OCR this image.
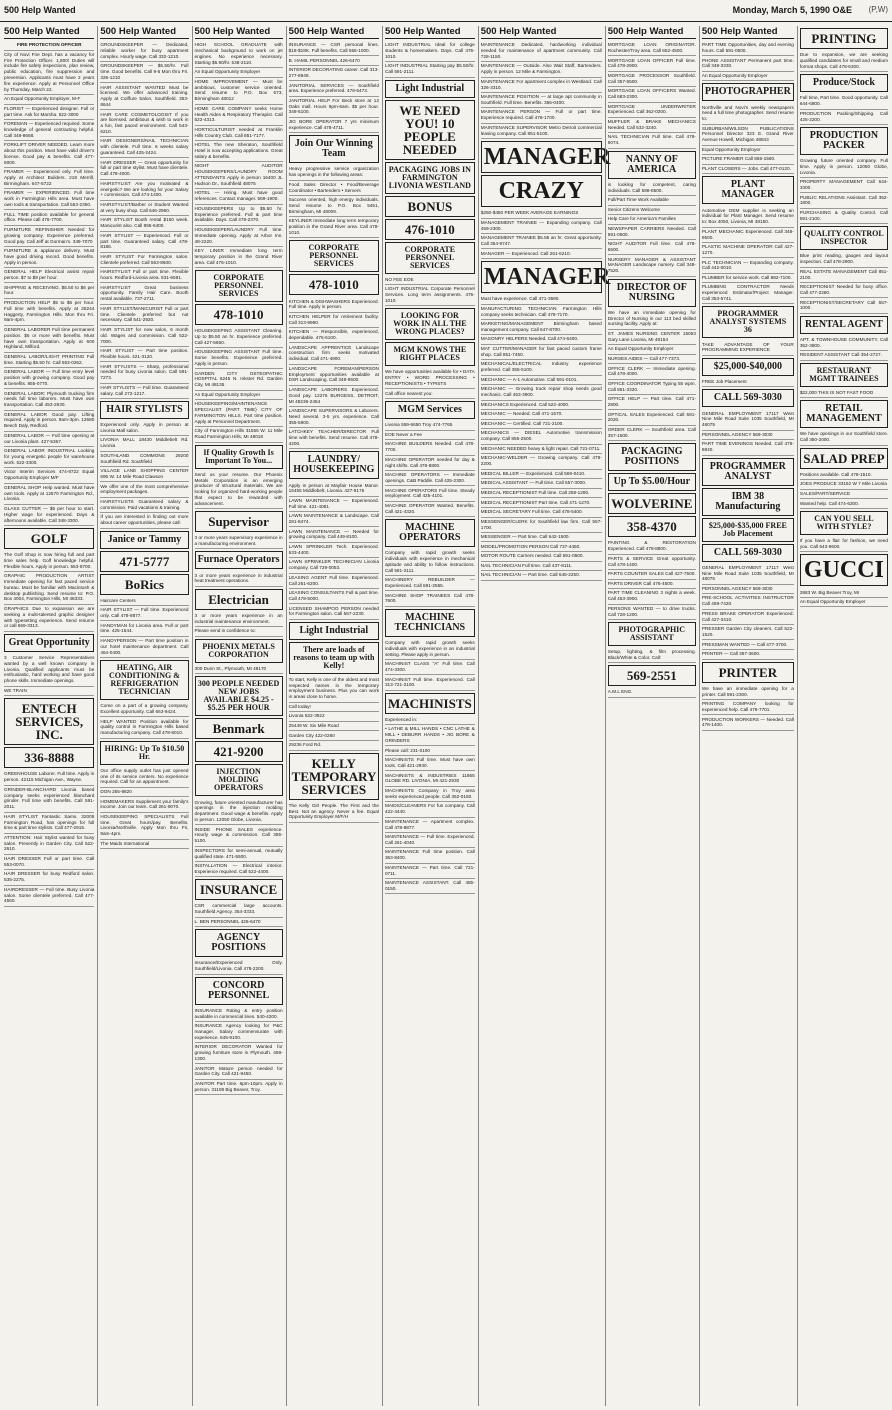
500 Help Wanted	Monday, March 5, 1990 O&E (P,W)
500 Help Wanted
FIRE PROTECTION OFFICER
City of Novi Fire Dept. has a vacancy for Fire Protection Officer. 1,800/ Duties will include fire safety inspections, plan review, public education, fire suppression and prevention. Applicants must have 2 years fire experience. Apply at Personnel Office by Thursday, March 22.
An Equal Opportunity Employer, M-F
FLORIST — Experienced designer. Full or part time. Ask for Marsha. 522-3000
FOREMAN — Experienced required. Some knowledge of general contracting helpful. Call 348-8668.
FORKLIFT DRIVER NEEDED. Learn more about this position. Must have valid driver's license. Good pay & benefits. Call 477-6000.
FRAMER — Experienced only. Full time. Apply at Architect Builders. 218 Merrill, Birmingham. 647-5722
FRAMER — EXPERIENCED. Full time work in Farmington Hills area. Must have own tools & transportation. Call 553-2350.
FULL TIME position available for general office. Please call 476-7700.
FURNITURE REFINISHER Needed for growing company. Experience preferred. Good pay. Call Jeff at Gorman's. 349-7070
FURNITURE & appliance delivery. Must have good driving record. Good benefits. Apply in person.
GENERAL HELP Electrical assist repair person. $7 to $9 per hour.
SHIPPING & RECEIVING. $5.50 to $6 per hour.
PRODUCTION HELP $5 to $6 per hour. Full time with benefits. Apply at 26244 Haggerty, Farmington Hills. Mon thru Fri. 9am-4pm.
GENERAL LABORER Full time permanent position. $6 or more with benefits. Must have own transportation. Apply at 600 Highland, Milford.
GENERAL LABOR/LIGHT PRINTING Full time. Starting $5.50 hr. Call 553-0262.
GENERAL LABOR — Full time entry level position with growing company. Good pay & benefits. 855-0770.
GENERAL LABOR: Plymouth trucking firm needs full time laborers. Must have own transportation. Call 453-2630.
GENERAL LABOR Good pay. Lifting required. Apply in person. 9am-3pm. 12680 Beech Daly, Redford.
GENERAL LABOR — Full time opening at our Livonia plant. 427-5367.
GENERAL LABOR INDUSTRIAL Looking for young energetic people for warehouse work. 522-3300.
Victor Interim Services 474-8722 Equal Opportunity Employer M/F
GENERAL SHOP Help wanted. Must have own tools. Apply at 12570 Farmington Rd., Livonia.
GLASS CUTTER — $5 per hour to start. Higher wage for experienced. Days & afternoons available. Call 348-3300.
GOLF
The Golf Shop is now hiring full and part time sales help. Golf knowledge helpful. Flexible hours. Apply in person. 553-8700.
GRAPHIC PRODUCTION ARTIST Immediate opening for fast paced service bureau. Must be familiar with Macintosh & desktop publishing. Send resume to: P.O. Box 4004, Farmington Hills, MI 48333.
GRAPHICS Due to expansion we are seeking a multi-talented graphic designer with typesetting experience. Send resume or call 669-3313.
Great Opportunity
3 Customer Service Representatives wanted by a well known company in Livonia. Qualified applicants must be enthusiastic, hard working and have good phone skills. Immediate openings.
WE TRAIN
ENTECH SERVICES, INC.
336-8888
GREENHOUSE Laborer. Full time. Apply in person. 42115 Michigan Ave., Wayne.
GRINDER-BLANCHARD Livonia based company seeks experienced blanchard grinder. Full time with benefits. Call 591-2011.
HAIR STYLIST Fantastic Sams. 32005 Farmington Road, has openings for full time & part time stylists. Call 477-2915.
ATTENTION: Hair Stylist wanted for busy salon. Presently in Garden City. Call 522-2610.
HAIR DRESSER Full or part time. Call 553-0070.
HAIR DRESSER for busy Redford salon. 535-2275.
HAIRDRESSER — Full time. Busy Livonia salon. Some clientele preferred. Call 477-4560.
500 Help Wanted
GROUNDSKEEPER — Dedicated, reliable worker for busy apartment complex. Hourly wage. Call 332-1210.
GROUNDSKEEPER — $5.50/hr. Full time. Good benefits. Call 9-5 Mon thru Fri. 326-1210
HAIR ASSISTANT WANTED Must be licensed. We offer advanced training. Apply at Coiffure Salon, Southfield. 353-8644
HAIR CARE COSMETOLOGIST If you are licensed, ambitious & wish to work in a fun, fast paced environment. Call 543-6210.
HAIR DESIGNERS/NAIL TECHNICIAN with clientele. Full time. 6 weeks salary guaranteed. Call 425-2424.
HAIR DRESSER — Great opportunity for full or part time stylist. Must have clientele. Call 478-4000.
HAIRSTYLIST Are you motivated & energetic? We are looking for you! Salary + commission. Call 474-1400.
HAIRSTYLIST/Barber or Student Wanted at very busy shop. Call 646-2960.
HAIR STYLIST Booth rental $150 week. Manicurist also. Call 855-6400.
HAIR STYLIST — Experienced. Full or part time. Guaranteed salary. Call 478-8185.
HAIR STYLIST For Farmington salon. Clientele preferred. Call 553-8600.
HAIRSTYLIST Full or part time. Flexible hours. Redford-Livonia area. 531-6591.
HAIRSTYLIST Great business opportunity. Family Hair Care. Booth rental available. 737-2711.
HAIR STYLIST/MANICURIST Full or part time. Clientele preferred but not necessary. Call 541-2920.
HAIR STYLIST for new salon, 6 month old. Wages and commission. Call 522-7000.
HAIR STYLIST — Part time position. Flexible hours. 421-3120.
HAIR STYLISTS — Sharp, professional needed for busy Livonia salon. Call 591-7273.
HAIR STYLISTS — Full time. Guaranteed salary. Call 272-1217.
HAIR STYLISTS
Experienced only. Apply in person at Livonia Mall salon.
LIVONIA MALL 18430 Middlebelt Rd. Livonia
SOUTHLAND COMMONS 29200 Southfield Rd. Southfield
VILLAGE LANE SHOPPING CENTER 695 W. 14 Mile Road Clawson
We offer one of the most comprehensive employment packages.
HAIRSTYLISTS Guaranteed salary & commission. Paid vacations & training.
If you are interested in finding out more about career opportunities, please call:
Janice or Tammy
471-5777
BoRics
Haircare Centers
HAIR STYLIST — Full time. Experienced only. Call 478-8877.
HANDYMAN for Livonia area. Full or part time. 425-1644.
HANDYPERSON — Part time position in our hotel maintenance department. Call 464-0400.
HEATING, AIR CONDITIONING & REFRIGERATION TECHNICIAN
Come on a part of a growing company. Excellent opportunity. Call 663-9424.
HELP WANTED Position available for quality control in Farmington Hills based manufacturing company. Call 478-8010.
HIRING: Up To $10.50 Hr.
Our office supply outlet has just opened one of its service centers. No experience required. Call for an appointment.
DON 255-9820
HOMEMAKERS Supplement your family's income. Join our team. Call 261-9070.
HOUSEKEEPING SPECIALISTS Full time. Great hours/pay. Benefits. Livonia/Northville. Apply Mon thru Fri, 9am-4pm.
The Maids International
500 Help Wanted
HIGH SCHOOL GRADUATE with mechanical background to work on jet engines. No experience necessary. Starting $5.90/hr. 538-2110.
An Equal Opportunity Employer
HOME IMPROVEMENT — Must be ambitious, customer service oriented. Send resume to P.O. Box 673, Birmingham 48012
HOME CARE COMPANY seeks Home Health Aides & Respiratory Therapist. Call 522-4313.
HORTICULTURIST needed at Franklin Hills Country Club. Call 851-7177.
HOTEL The new Sheraton, Southfield Hotel is now accepting applications. Great salary & benefits.
NIGHT AUDITOR HOUSEKEEPERS/LAUNDRY ROOM ATTENDANTS Apply in person 16400 JL Hudson Dr., Southfield 48075
HOTEL — Hiring. Must have good references. Contact manager. 569-1900.
HOUSEKEEPERS Up to $5.50 hr. Experience preferred. Full & part time available. Days. Call 478-2370.
HOUSEKEEPER/LAUNDRY Full time. Immediate opening. Apply at Arbor Inn. 48-2220.
KEY LINER Immediate long term temporary position in the Grand River area. Call 476-1010.
CORPORATE PERSONNEL SERVICES
478-1010
HOUSEKEEPING ASSISTANT Cleaning. Up to $5.50 an hr. Experience preferred. Call 427-5650.
HOUSEKEEPING ASSISTANT Full time. Some benefits. Experience preferred. Apply in person.
GARDEN CITY OSTEOPATHIC HOSPITAL 6245 N. Inkster Rd. Garden City, MI 48135
An Equal Opportunity Employer
HOUSEKEEPING/MAINTENANCE SPECIALIST (PART TIME) CITY OF FARMINGTON HILLS. Part time position. Apply at Personnel Department.
City of Farmington Hills 31555 W. 11 Mile Road Farmington Hills, MI 48018
If Quality Growth Is Important To You...
Send us your resume. Our Phoenix Metals Corporation is an emerging producer of structural materials. We are looking for organized hard-working people that expect to be rewarded with advancement.
Supervisor
3 or more years supervisory experience in a manufacturing environment.
Furnace Operators
3 or more years experience in industrial heat treatment operations.
Electrician
3 or more years experience in an industrial maintenance environment.
Please send in confidence to:
PHOENIX METALS CORPORATION
300 Dunn St., Plymouth, MI 48170
300 PEOPLE NEEDED NEW JOBS AVAILABLE $4.25 - $5.25 PER HOUR
Benmark
421-9200
INJECTION MOLDING OPERATORS
Growing, future oriented manufacturer has openings in the injection molding department. Good wage & benefits. Apply in person. 12050 Globe, Livonia.
INSIDE PHONE SALES experience. Hourly wage & commission. Call 355-5100.
INSPECTORS for semi-annual, mutually qualified state. 471-5500.
INSTALLATION — Electrical interior. Experience required. Call 522-4400.
INSURANCE
CSR commercial large accounts. Southfield Agency. 354-3333.
L. BEN PERSONNEL 426-6470
AGENCY POSITIONS
Insurance/Experienced Only. Southfield/Livonia. Call 478-2200.
CONCORD PERSONNEL
INSURANCE Rating & entry position available in commercial lines. 540-4200.
INSURANCE Agency looking for P&C manager. Salary commensurate with experience. 645-9100.
INTERIOR DECORATOR Wanted for growing furniture store in Plymouth. 459-1300.
JANITOR Mature person needed for Garden City. Call 421-9450.
JANITOR Part time. 6pm-10pm. Apply in person. 31108 Big Beaver, Troy.
500 Help Wanted
INSURANCE — CSR personal lines. $18-$18K. Full benefits. Call 555-1000.
B. HAMIL PERSONNEL 426-6470
INTERIOR DECORATING career. Call 313-277-8949.
JANITORIAL SERVICES — Southfield area. Experience preferred. 478-5473.
JANITORIAL HELP For Beck store at 12 Oaks mall. Hours 9pm-6am. $5 per hour. 348-5100.
JIG BORE OPERATOR 7 yrs minimum experience. Call 478-4711.
Join Our Winning Team
Heavy progressive service organization has openings in the following areas:
Food Sales Director • Food/Beverage Coordinator • Bartenders • Servers
Success oriented, high energy individuals. Send resume to P.O. Box 5451, Birmingham, MI 48009.
KEYLINER Immediate long term temporary position in the Grand River area. Call 478-1010.
CORPORATE PERSONNEL SERVICES
478-1010
KITCHEN & DISHWASHERS Experienced. Full time. Apply in person.
KITCHEN HELPER for retirement facility. Call 313-9990.
KITCHEN — Responsible, experienced, dependable. 476-6100.
LANDSCAPE APPRENTICE Landscape construction firm seeks motivated individual. Call 471-4900.
LANDSCAPE FOREMAN/PERSON Employment opportunities available at DSR Landscaping. Call 349-9500.
LANDSCAPE LABORERS Experienced. Good pay. 12276 BURGESS, DETROIT, MI 48236-2454
LANDSCAPE SUPERVISORS & Laborers. Need several. 3-5 yrs. experience. Call 355-5900.
LATCHKEY TEACHER/DIRECTOR Full time with benefits. Send resume. Call 478-4200.
LAUNDRY/ HOUSEKEEPING
Apply in person at Mayfair House Manor. 16455 Middlebelt, Livonia. 427-9175
LAWN MAINTENANCE — Experienced. Full time. 421-4081.
LAWN MAINTENANCE & Landscape. Call 281-8474.
LAWN MAINTENANCE — Needed for growing company. Call 449-8100.
LAWN SPRINKLER Tech. Experienced. 533-4400.
LAWN SPRINKLER TECHNICIAN Livonia company. Call 729-0053.
LEASING AGENT Full time. Experienced. Call 261-6200.
LEASING CONSULTANTS Full & part time. Call 478-5000.
LICENSED SHAMPOO PERSON needed for Farmington salon. Call 557-2230.
Light Industrial
There are loads of reasons to team up with Kelly!
To start, Kelly is one of the oldest and most respected names in the temporary employment business. Plus you can work in areas close to home.
Call today!
Livonia 522-3922
25449 W. Six Mile Road
Garden City 422-0260
29236 Ford Rd.
KELLY TEMPORARY SERVICES
The Kelly Girl People. The First and the Best. Not an agency. Never a fee. Equal Opportunity Employer M/F/H
500 Help Wanted
LIGHT INDUSTRIAL Ideal for college students & homemakers. Days. Call 476-1010.
LIGHT INDUSTRIAL Starting pay $5.50/hr. Call 591-2111.
Light Industrial
WE NEED YOU! 10 PEOPLE NEEDED
PACKAGING JOBS IN FARMINGTON LIVONIA WESTLAND
BONUS
476-1010
CORPORATE PERSONNEL SERVICES
NO FEE EOE
LIGHT INDUSTRIAL Corporate Personnel Services. Long term assignments. 476-1010.
LOOKING FOR WORK IN ALL THE WRONG PLACES?
MGM KNOWS THE RIGHT PLACES
We have opportunities available for • DATA ENTRY • WORD PROCESSING • RECEPTIONISTS • TYPISTS
Call office nearest you:
MGM Services
Livonia 559-6650 Troy 474-7765
EOE Never a Fee
MACHINE BUILDERS Needed. Call 478-7700.
MACHINE OPERATOR needed for day & night shifts. Call 478-8800.
MACHINE OPERATORS — Immediate openings. C&B Paddle. Call 425-2300.
MACHINE OPERATORS Full time. Steady employment. Call 425-4101.
MACHINE OPERATOR Wanted. Benefits. Call 421-4320.
MACHINE OPERATORS
Company with rapid growth seeks individuals with experience in mechanical aptitude and ability to follow instructions. Call 591-2111.
MACHINERY REBUILDER — Experienced. Call 591-2555.
MACHINE SHOP TRAINEES Call 478-7600.
MACHINE TECHNICIANS
Company with rapid growth seeks individuals with experience in an industrial setting. Please apply in person.
MACHINIST CLASS "A" Full time. Call 474-3300.
MACHINIST Full time. Experienced. Call 313-721-2100.
MACHINISTS
Experienced in:
• LATHE & MILL HANDS • CNC LATHE & MILL • DEBURR HANDS • JIG BORE & GRINDERS
Please call: 231-0100
MACHINISTS Full time. Must have own tools. Call 421-2930.
MACHINISTS & INDUSTRIES 11865 GLOBE RD. LIVONIA, MI 421-2930
MACHINISTS Company in Troy area seeks experienced people. Call 362-0150.
MAIDS/CLEANERS For fun company. Call 422-4440.
MAINTENANCE — Apartment complex. Call 478-8877.
MAINTENANCE — Full time. Experienced. Call 261-4040.
MAINTENANCE Full time position. Call 363-8400.
MAINTENANCE — Part time. Call 721-0711.
MAINTENANCE ASSISTANT. Call 455-0150.
500 Help Wanted
MAINTENANCE Dedicated, hardworking individual needed for maintenance of apartment community. Call 728-1150.
MAINTENANCE — Outside. Also Wait Staff, Bartenders. Apply in person. 12 Mile & Farmington.
MAINTENANCE For apartment complex in Westland. Call 326-3310.
MAINTENANCE POSITION — at large apt community in Southfield. Full time. Benefits. 356-0400.
MAINTENANCE PERSON — Full or part time. Experience required. Call 478-1700.
MAINTENANCE SUPERVISOR Metro Detroit commercial leasing company. Call 851-5100.
MANAGER
CRAZY
$250-$450 PER WEEK AVERAGE EARNINGS
MANAGEMENT TRAINEE — Expanding company. Call 459-2300.
MANAGEMENT TRAINEE $5.55 an hr. Great opportunity. Call 354-9747.
MANAGER — Experienced. Call 261-6210.
MANAGER
Must have experience. Call 471-3590.
MANUFACTURING TECHNICIAN Farmington Hills company seeks technician. Call 478-7170.
MARKETING/MANAGEMENT Birmingham based management company. Call 647-8700.
MASONRY HELPERS Needed. Call 474-6400.
MAT CUTTER/MANAGER for fast paced custom frame shop. Call 851-7450.
MECHANICAL/ELECTRICAL Industry experience preferred. Call 355-5100.
MECHANIC — A-1 Automotive. Call 591-0101.
MECHANIC — Growing truck repair shop needs good mechanic. Call 453-3900.
MECHANICS Experienced. Call 522-4000.
MECHANIC — Needed. Call 471-1570.
MECHANIC — Certified. Call 721-2100.
MECHANICS — DIESEL Automotive transmission company. Call 855-2500.
MECHANIC NEEDED heavy & light repair. Call 721-0711.
MECHANIC-WELDER — Growing company. Call 478-2200.
MEDICAL BILLER — Experienced. Call 569-0410.
MEDICAL ASSISTANT — Full time. Call 557-3000.
MEDICAL RECEPTIONIST Full time. Call 258-1280.
MEDICAL RECEPTIONIST Part time. Call 471-1270.
MEDICAL SECRETARY Full time. Call 478-5400.
MESSENGER/CLERK for Southfield law firm. Call 557-1700.
MESSENGER — Part time. Call 642-1500.
MODEL/PROMOTION PERSON Call 737-4450.
MOTOR ROUTE Carriers needed. Call 591-0500.
NAIL TECHNICIAN Full time. Call 437-8111.
NAIL TECHNICIAN — Part time. Call 645-2250.
500 Help Wanted
MORTGAGE LOAN ORIGINATOR. Rochester/Troy area. Call 652-4500.
MORTGAGE LOAN OFFICER Full time. Call 478-2900.
MORTGAGE PROCESSOR Southfield. Call 357-5500.
MORTGAGE LOAN OFFICERS Wanted. Call 683-2300.
MORTGAGE UNDERWRITER Experienced. Call 362-0200.
MUFFLER & BRAKE MECHANICS Needed. Call 532-3240.
NAIL TECHNICIAN Full time. Call 478-9074.
NANNY OF AMERICA
is looking for competent, caring individuals. Call 588-8500.
Full/Part Time Work Available
Senior Citizens Welcome
Help Care for America's Families
NEWSPAPER CARRIERS Needed. Call 591-0500.
NIGHT AUDITOR Full time. Call 478-6500.
NURSERY MANAGER & ASSISTANT MANAGER Landscape nursery. Call 348-7520.
DIRECTOR OF NURSING
We have an immediate opening for Director of Nursing in our 113 bed skilled nursing facility. Apply at:
ST. JAMES NURSING CENTER 15063 Gary Lane Livonia, MI 48154
An Equal Opportunity Employer
NURSES AIDES — Call 477-7373.
OFFICE CLERK — Immediate opening. Call 478-4000.
OFFICE COORDINATOR Typing 55 wpm. Call 851-3320.
OFFICE HELP — Part time. Call 471-2800.
OPTICAL SALES Experienced. Call 591-2020.
ORDER CLERK — Southfield area. Call 357-1500.
PACKAGING POSITIONS
Up To $5.00/Hour
WOLVERINE
358-4370
PAINTING & RESTORATION Experienced. Call 478-8800.
PARTS & SERVICE Great opportunity. Call 478-1400.
PARTS COUNTER SALES Call 427-7500.
PARTS DRIVER Call 476-4500.
PART TIME CLEANING 3 nights a week. Call 453-3900.
PERSONS WANTED — to drive trucks. Call 728-1200.
PHOTOGRAPHIC ASSISTANT
Setup, lighting, & film processing. Black/White & Color. Call:
569-2551
A.M.L ENG.
500 Help Wanted
PART TIME Opportunities, day and evening hours. Call 591-0500.
PHONE ASSISTANT Permanent part time. Call 348-3330.
An Equal Opportunity Employer
PHOTOGRAPHER
Northville and Novi's weekly newspapers need a full time photographer. Send resume to:
SUBURBAN/WILSON PUBLICATIONS Personnel Director 323 E. Grand River Avenue Howell, Michigan 48843
Equal Opportunity Employer
PICTURE FRAMER Call 855-1580.
PLANT CLOSERS — Jobs. Call 477-0120.
PLANT MANAGER
Automotive OEM supplier is seeking an individual for Plant Manager. Send resume to: Box 4050, Livonia, MI 48150.
PLANT MECHANIC Experienced. Call 348-9500.
PLASTIC MACHINE OPERATOR Call 427-1270.
PLC TECHNICIAN — Expanding company. Call 442-0010.
PLUMBER for service work. Call 882-7100.
PLUMBING CONTRACTOR Needs experienced Estimator/Project Manager. Call 353-5741.
PROGRAMMER ANALYST SYSTEMS 36
TAKE ADVANTAGE OF YOUR PROGRAMMING EXPERIENCE
$25,000-$40,000
FREE Job Placement
CALL 569-3030
GENERAL EMPLOYMENT 17117 West Nine Mile Road Suite 1035 Southfield, MI 48075
PERSONNEL AGENCY 569-3030
PART TIME EVENINGS Needed. Call 478-8840.
PROGRAMMER ANALYST
IBM 38 Manufacturing
$25,000-$35,000 FREE Job Placement
CALL 569-3030
GENERAL EMPLOYMENT 17117 West Nine Mile Road Suite 1035 Southfield, MI 48075
PERSONNEL AGENCY 569-3030
PRE-SCHOOL ACTIVITIES INSTRUCTOR Call 459-7420.
PRESS BRAKE OPERATOR Experienced. Call 427-3410.
PRESSER Garden City cleaners. Call 522-1520.
PRESSMAN WANTED — Call 477-3700.
PRINTER — Call 397-3600.
PRINTER
We have an immediate opening for a printer. Call 591-2300.
PRINTING COMPANY looking for experienced help. Call 478-7701.
PRODUCTION WORKERS — Needed. Call 478-1400.
PRINTING
Due to expansion, we are seeking qualified candidates for small and medium format shops. Call 478-6300.
Produce/Stock
Full time, Part time. Good opportunity. Call 644-6800.
PRODUCTION Packing/Shipping. Call 425-2200.
PRODUCTION PACKER
Growing future oriented company. Full time. Apply in person. 12050 Globe, Livonia.
PROPERTY MANAGEMENT Call 644-3300.
PUBLIC RELATIONS Assistant. Call 352-1800.
PURCHASING & Quality Control. Call 591-2100.
QUALITY CONTROL INSPECTOR
Blue print reading, gauges and layout inspection. Call 478-2900.
REAL ESTATE MANAGEMENT Call 851-2100.
RECEPTIONIST Needed for busy office. Call 477-2260.
RECEPTIONIST/SECRETARY Call 557-1000.
RENTAL AGENT
APT. & TOWNHOUSE COMMUNITY. Call 352-3800.
RESIDENT ASSISTANT Call 354-2727.
RESTAURANT MGMT TRAINEES
$22,000 THIS IS NOT FAST FOOD
RETAIL MANAGEMENT
We have openings in our Southfield store. Call 350-2000.
SALAD PREP
Positions available. Call 478-1510.
JOES PRODUCE 33152 W 7 Mile Livonia
SALES/PART/SERVICE
Wanted help. Call 474-6200.
CAN YOU SELL WITH STYLE?
If you have a flair for fashion, we need you. Call 643-9600.
GUCCI
2883 W. Big Beaver Troy, MI
An Equal Opportunity Employer
